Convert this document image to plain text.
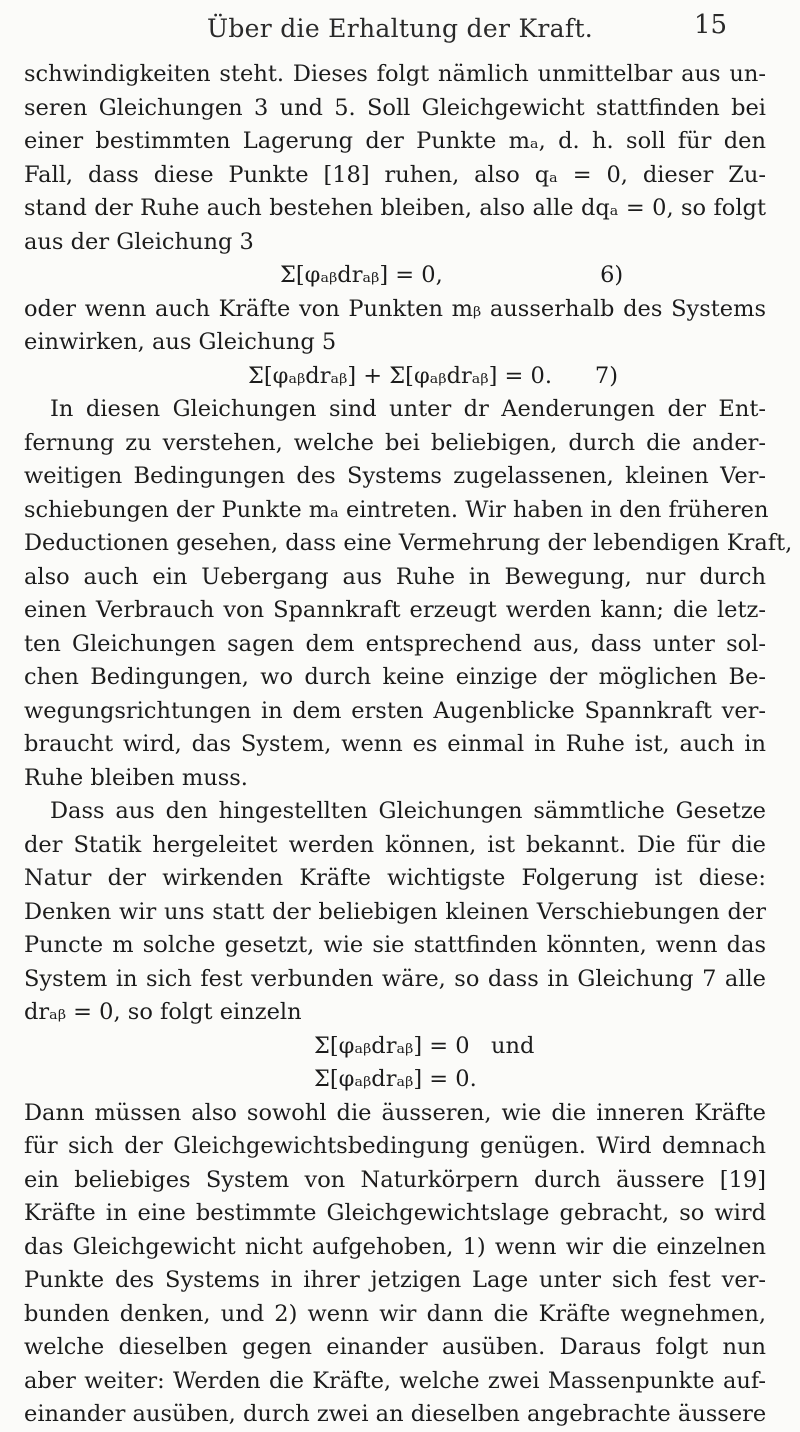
Über die Erhaltung der Kraft.	15
schwindigkeiten steht. Dieses folgt nämlich unmittelbar aus un-
seren Gleichungen 3 und 5. Soll Gleichgewicht stattfinden bei
einer bestimmten Lagerung der Punkte mₐ, d. h. soll für den
Fall, dass diese Punkte [18] ruhen, also qₐ = 0, dieser Zu-
stand der Ruhe auch bestehen bleiben, also alle dqₐ = 0, so folgt
aus der Gleichung 3
Σ[φₐᵦdrₐᵦ] = 0,                      6)
oder wenn auch Kräfte von Punkten mᵦ ausserhalb des Systems
einwirken, aus Gleichung 5
Σ[φₐᵦdrₐᵦ] + Σ[φₐᵦdrₐᵦ] = 0.      7)
In diesen Gleichungen sind unter dr Aenderungen der Ent-
fernung zu verstehen, welche bei beliebigen, durch die ander-
weitigen Bedingungen des Systems zugelassenen, kleinen Ver-
schiebungen der Punkte mₐ eintreten. Wir haben in den früheren
Deductionen gesehen, dass eine Vermehrung der lebendigen Kraft,
also auch ein Uebergang aus Ruhe in Bewegung, nur durch
einen Verbrauch von Spannkraft erzeugt werden kann; die letz-
ten Gleichungen sagen dem entsprechend aus, dass unter sol-
chen Bedingungen, wo durch keine einzige der möglichen Be-
wegungsrichtungen in dem ersten Augenblicke Spannkraft ver-
braucht wird, das System, wenn es einmal in Ruhe ist, auch in
Ruhe bleiben muss.
Dass aus den hingestellten Gleichungen sämmtliche Gesetze
der Statik hergeleitet werden können, ist bekannt. Die für die
Natur der wirkenden Kräfte wichtigste Folgerung ist diese:
Denken wir uns statt der beliebigen kleinen Verschiebungen der
Puncte m solche gesetzt, wie sie stattfinden könnten, wenn das
System in sich fest verbunden wäre, so dass in Gleichung 7 alle
drₐᵦ = 0, so folgt einzeln
Σ[φₐᵦdrₐᵦ] = 0   und
Σ[φₐᵦdrₐᵦ] = 0.
Dann müssen also sowohl die äusseren, wie die inneren Kräfte
für sich der Gleichgewichtsbedingung genügen. Wird demnach
ein beliebiges System von Naturkörpern durch äussere [19]
Kräfte in eine bestimmte Gleichgewichtslage gebracht, so wird
das Gleichgewicht nicht aufgehoben, 1) wenn wir die einzelnen
Punkte des Systems in ihrer jetzigen Lage unter sich fest ver-
bunden denken, und 2) wenn wir dann die Kräfte wegnehmen,
welche dieselben gegen einander ausüben. Daraus folgt nun
aber weiter: Werden die Kräfte, welche zwei Massenpunkte auf-
einander ausüben, durch zwei an dieselben angebrachte äussere
